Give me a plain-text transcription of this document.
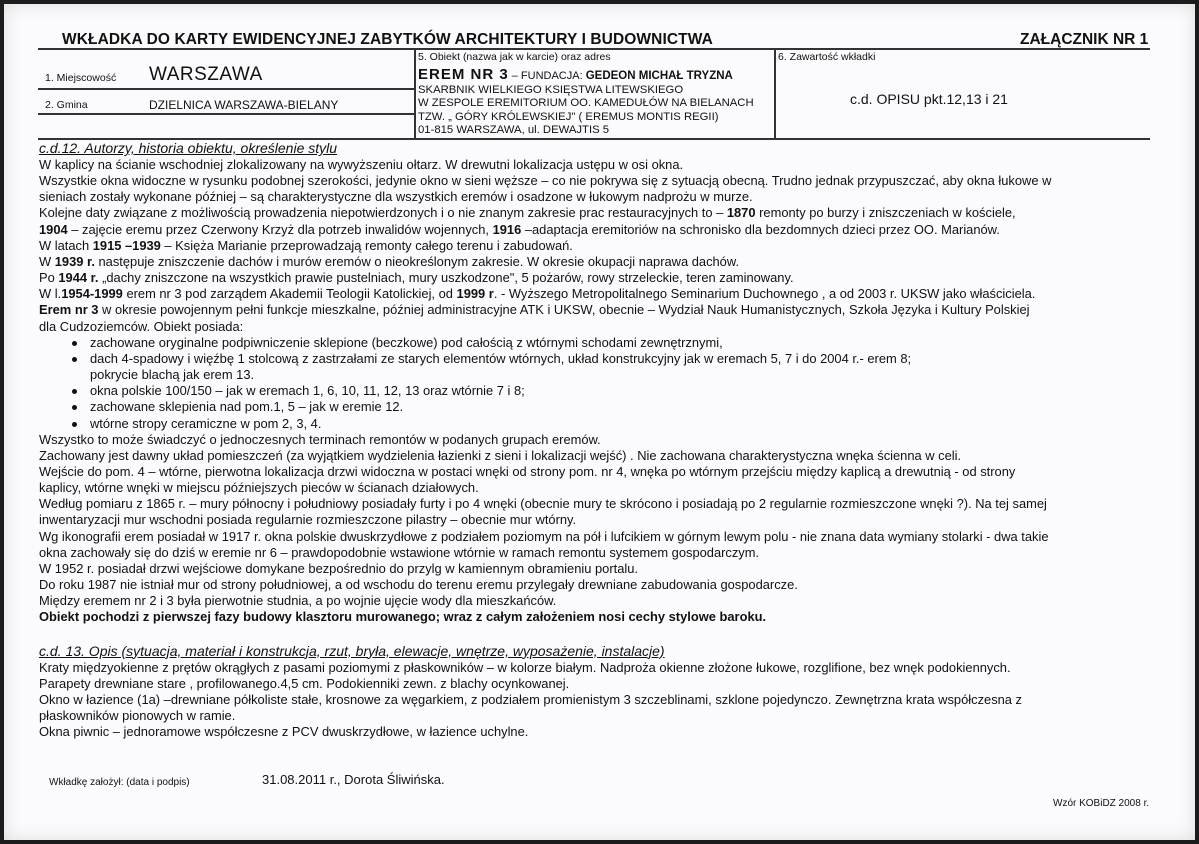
WKŁADKA DO KARTY EWIDENCYJNEJ ZABYTKÓW ARCHITEKTURY I BUDOWNICTWA	ZAŁĄCZNIK NR 1
1. Miejscowość WARSZAWA
2. Gmina	DZIELNICA WARSZAWA-BIELANY
5. Obiekt (nazwa jak w karcie) oraz adres
EREM NR 3 – FUNDACJA: GEDEON MICHAŁ TRYZNA
SKARBNIK WIELKIEGO KSIĘSTWA LITEWSKIEGO
W ZESPOLE EREMITORIUM OO. KAMEDUŁÓW NA BIELANACH
TZW. „ GÓRY KRÓLEWSKIEJ" ( EREMUS MONTIS REGII)
01-815 WARSZAWA, ul. DEWAJTIS 5
6. Zawartość wkładki
c.d. OPISU pkt.12,13 i 21

c.d.12. Autorzy, historia obiektu, określenie stylu

W kaplicy na ścianie wschodniej zlokalizowany na wywyższeniu ołtarz. W drewutni lokalizacja ustępu w osi okna.

Wszystkie okna widoczne w rysunku podobnej szerokości, jedynie okno w sieni węższe – co nie pokrywa się z sytuacją obecną. Trudno jednak przypuszczać, aby okna łukowe w

sieniach zostały wykonane później – są charakterystyczne dla wszystkich eremów i osadzone w łukowym nadprożu w murze.

Kolejne daty związane z możliwością prowadzenia niepotwierdzonych i o nie znanym zakresie prac restauracyjnych to – 1870 remonty po burzy i zniszczeniach w kościele,

1904 – zajęcie eremu przez Czerwony Krzyż dla potrzeb inwalidów wojennych, 1916 –adaptacja eremitoriów na schronisko dla bezdomnych dzieci przez OO. Marianów.

W latach 1915 –1939 – Księża Marianie przeprowadzają remonty całego terenu i zabudowań.

W 1939 r. następuje zniszczenie dachów i murów eremów o nieokreślonym zakresie. W okresie okupacji naprawa dachów.

Po 1944 r. „dachy zniszczone na wszystkich prawie pustelniach, mury uszkodzone", 5 pożarów, rowy strzeleckie, teren zaminowany.

W l.1954-1999 erem nr 3 pod zarządem Akademii Teologii Katolickiej, od 1999 r. - Wyższego Metropolitalnego Seminarium Duchownego , a od 2003 r. UKSW jako właściciela.

Erem nr 3 w okresie powojennym pełni funkcje mieszkalne, później administracyjne ATK i UKSW, obecnie – Wydział Nauk Humanistycznych, Szkoła Języka i Kultury Polskiej

dla Cudzoziemców. Obiekt posiada:

zachowane oryginalne podpiwniczenie sklepione (beczkowe) pod całością z wtórnymi schodami zewnętrznymi,
dach 4-spadowy i więźbę 1 stolcową z zastrzałami ze starych elementów wtórnych, układ konstrukcyjny jak w eremach 5, 7 i do 2004 r.- erem 8;
pokrycie blachą jak erem 13.
okna polskie 100/150 – jak w eremach 1, 6, 10, 11, 12, 13 oraz wtórnie 7 i 8;
zachowane sklepienia nad pom.1, 5 – jak w eremie 12.
wtórne stropy ceramiczne w pom 2, 3, 4.

Wszystko to może świadczyć o jednoczesnych terminach remontów w podanych grupach eremów.

Zachowany jest dawny układ pomieszczeń (za wyjątkiem wydzielenia łazienki z sieni i lokalizacji wejść) . Nie zachowana charakterystyczna wnęka ścienna w celi.

Wejście do pom. 4 – wtórne, pierwotna lokalizacja drzwi widoczna w postaci wnęki od strony pom. nr 4, wnęka po wtórnym przejściu między kaplicą a drewutnią - od strony

kaplicy, wtórne wnęki w miejscu późniejszych pieców w ścianach działowych.

Według pomiaru z 1865 r. – mury północny i południowy posiadały furty i po 4 wnęki (obecnie mury te skrócono i posiadają po 2 regularnie rozmieszczone wnęki ?). Na tej samej

inwentaryzacji mur wschodni posiada regularnie rozmieszczone pilastry – obecnie mur wtórny.

Wg ikonografii erem posiadał w 1917 r. okna polskie dwuskrzydłowe z podziałem poziomym na pół i lufcikiem w górnym lewym polu - nie znana data wymiany stolarki - dwa takie

okna zachowały się do dziś w eremie nr 6 – prawdopodobnie wstawione wtórnie w ramach remontu systemem gospodarczym.

W 1952 r. posiadał drzwi wejściowe domykane bezpośrednio do przylg w kamiennym obramieniu portalu.

Do roku 1987 nie istniał mur od strony południowej, a od wschodu do terenu eremu przylegały drewniane zabudowania gospodarcze.

Między eremem nr 2 i 3 była pierwotnie studnia, a po wojnie ujęcie wody dla mieszkańców.

Obiekt pochodzi z pierwszej fazy budowy klasztoru murowanego; wraz z całym założeniem nosi cechy stylowe baroku.

c.d. 13. Opis (sytuacja, materiał i konstrukcja, rzut, bryła, elewacje, wnętrze, wyposażenie, instalacje)

Kraty międzyokienne z prętów okrągłych z pasami poziomymi z płaskowników – w kolorze białym. Nadproża okienne złożone łukowe, rozglifione, bez wnęk podokiennych.

Parapety drewniane stare , profilowanego.4,5 cm. Podokienniki zewn. z blachy ocynkowanej.

Okno w łazience (1a) –drewniane półkoliste stałe, krosnowe za węgarkiem, z podziałem promienistym 3 szczeblinami, szklone pojedynczo. Zewnętrzna krata współczesna z

płaskowników pionowych w ramie.

Okna piwnic – jednoramowe współczesne z PCV dwuskrzydłowe, w łazience uchylne.

Wkładkę założył: (data i podpis)	31.08.2011 r., Dorota Śliwińska.
Wzór KOBiDZ 2008 r.
